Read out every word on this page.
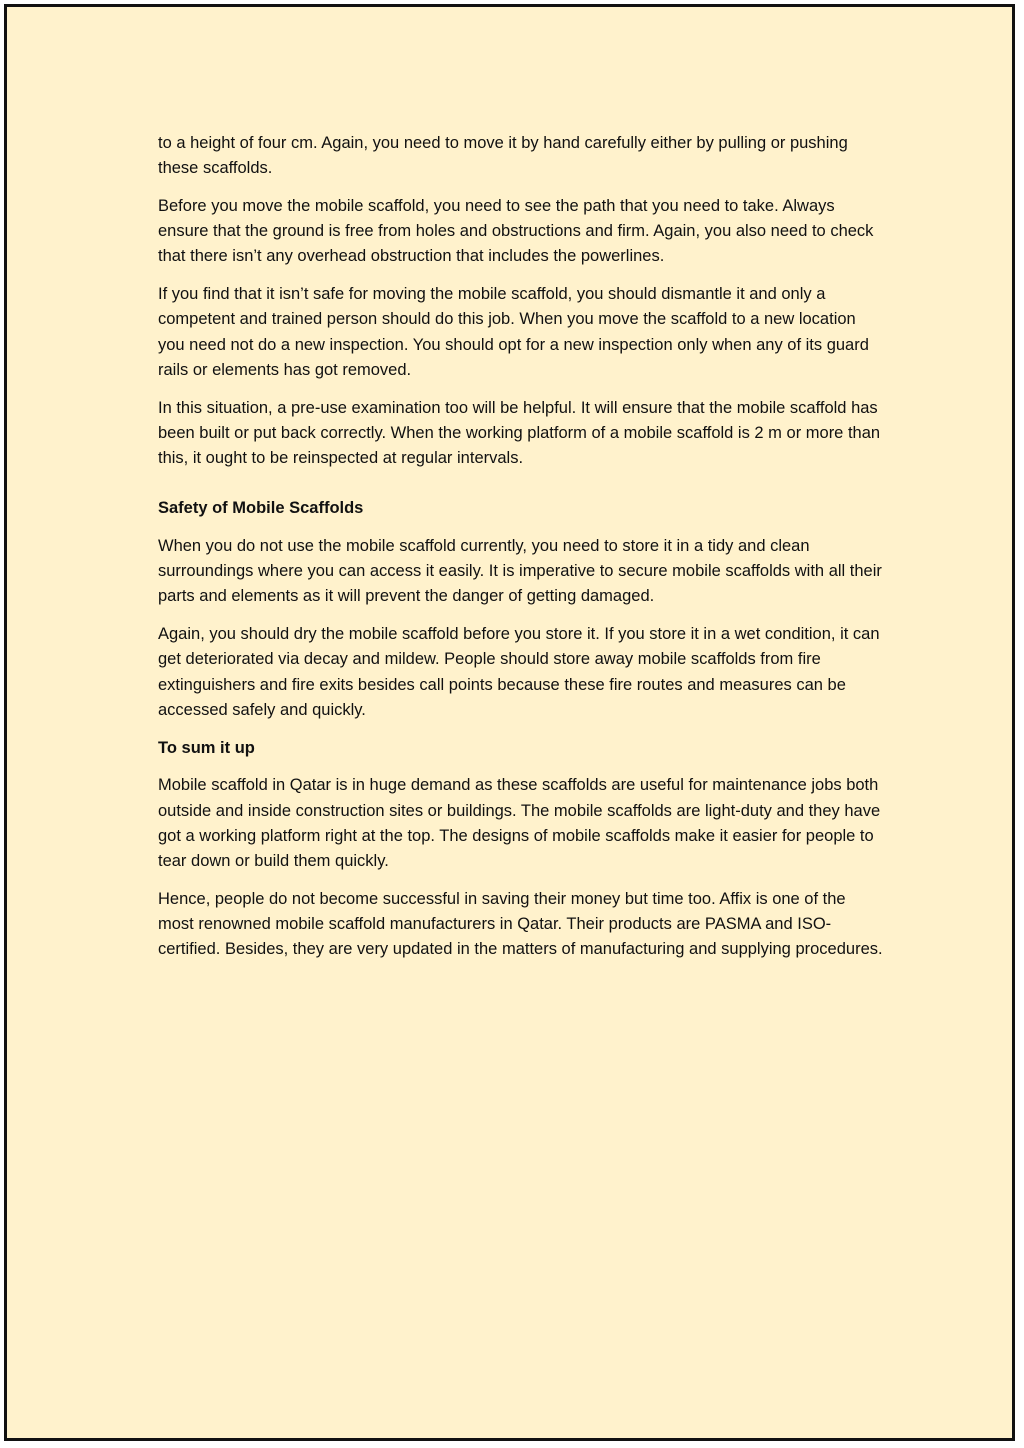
to a height of four cm. Again, you need to move it by hand carefully either by pulling or pushing these scaffolds.

Before you move the mobile scaffold, you need to see the path that you need to take. Always ensure that the ground is free from holes and obstructions and firm. Again, you also need to check that there isn’t any overhead obstruction that includes the powerlines.

If you find that it isn’t safe for moving the mobile scaffold, you should dismantle it and only a competent and trained person should do this job. When you move the scaffold to a new location you need not do a new inspection. You should opt for a new inspection only when any of its guard rails or elements has got removed.

In this situation, a pre-use examination too will be helpful. It will ensure that the mobile scaffold has been built or put back correctly. When the working platform of a mobile scaffold is 2 m or more than this, it ought to be reinspected at regular intervals.

Safety of Mobile Scaffolds

When you do not use the mobile scaffold currently, you need to store it in a tidy and clean surroundings where you can access it easily. It is imperative to secure mobile scaffolds with all their parts and elements as it will prevent the danger of getting damaged.

Again, you should dry the mobile scaffold before you store it. If you store it in a wet condition, it can get deteriorated via decay and mildew. People should store away mobile scaffolds from fire extinguishers and fire exits besides call points because these fire routes and measures can be accessed safely and quickly.

To sum it up

Mobile scaffold in Qatar is in huge demand as these scaffolds are useful for maintenance jobs both outside and inside construction sites or buildings. The mobile scaffolds are light-duty and they have got a working platform right at the top. The designs of mobile scaffolds make it easier for people to tear down or build them quickly.

Hence, people do not become successful in saving their money but time too. Affix is one of the most renowned mobile scaffold manufacturers in Qatar. Their products are PASMA and ISO-certified. Besides, they are very updated in the matters of manufacturing and supplying procedures.
